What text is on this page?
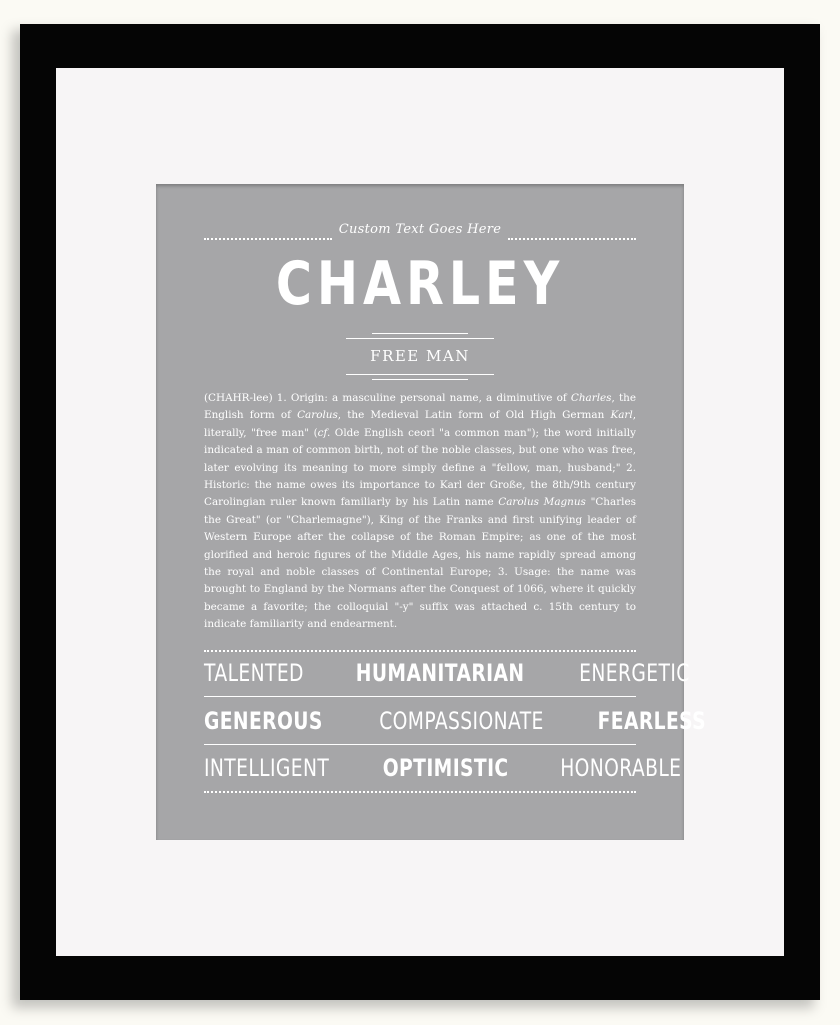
Custom Text Goes Here
CHARLEY
FREE MAN
(CHAHR-lee) 1. Origin: a masculine personal name, a diminutive of Charles, the English form of Carolus, the Medieval Latin form of Old High German Karl, literally, "free man" (cf. Olde English ceorl "a common man"); the word initially indicated a man of common birth, not of the noble classes, but one who was free, later evolving its meaning to more simply define a "fellow, man, husband;" 2. Historic: the name owes its importance to Karl der Große, the 8th/9th century Carolingian ruler known familiarly by his Latin name Carolus Magnus "Charles the Great" (or "Charlemagne"), King of the Franks and first unifying leader of Western Europe after the collapse of the Roman Empire; as one of the most glorified and heroic figures of the Middle Ages, his name rapidly spread among the royal and noble classes of Continental Europe; 3. Usage: the name was brought to England by the Normans after the Conquest of 1066, where it quickly became a favorite; the colloquial "-y" suffix was attached c. 15th century to indicate familiarity and endearment.
TALENTED HUMANITARIAN ENERGETIC
GENEROUS COMPASSIONATE FEARLESS
INTELLIGENT OPTIMISTIC HONORABLE
